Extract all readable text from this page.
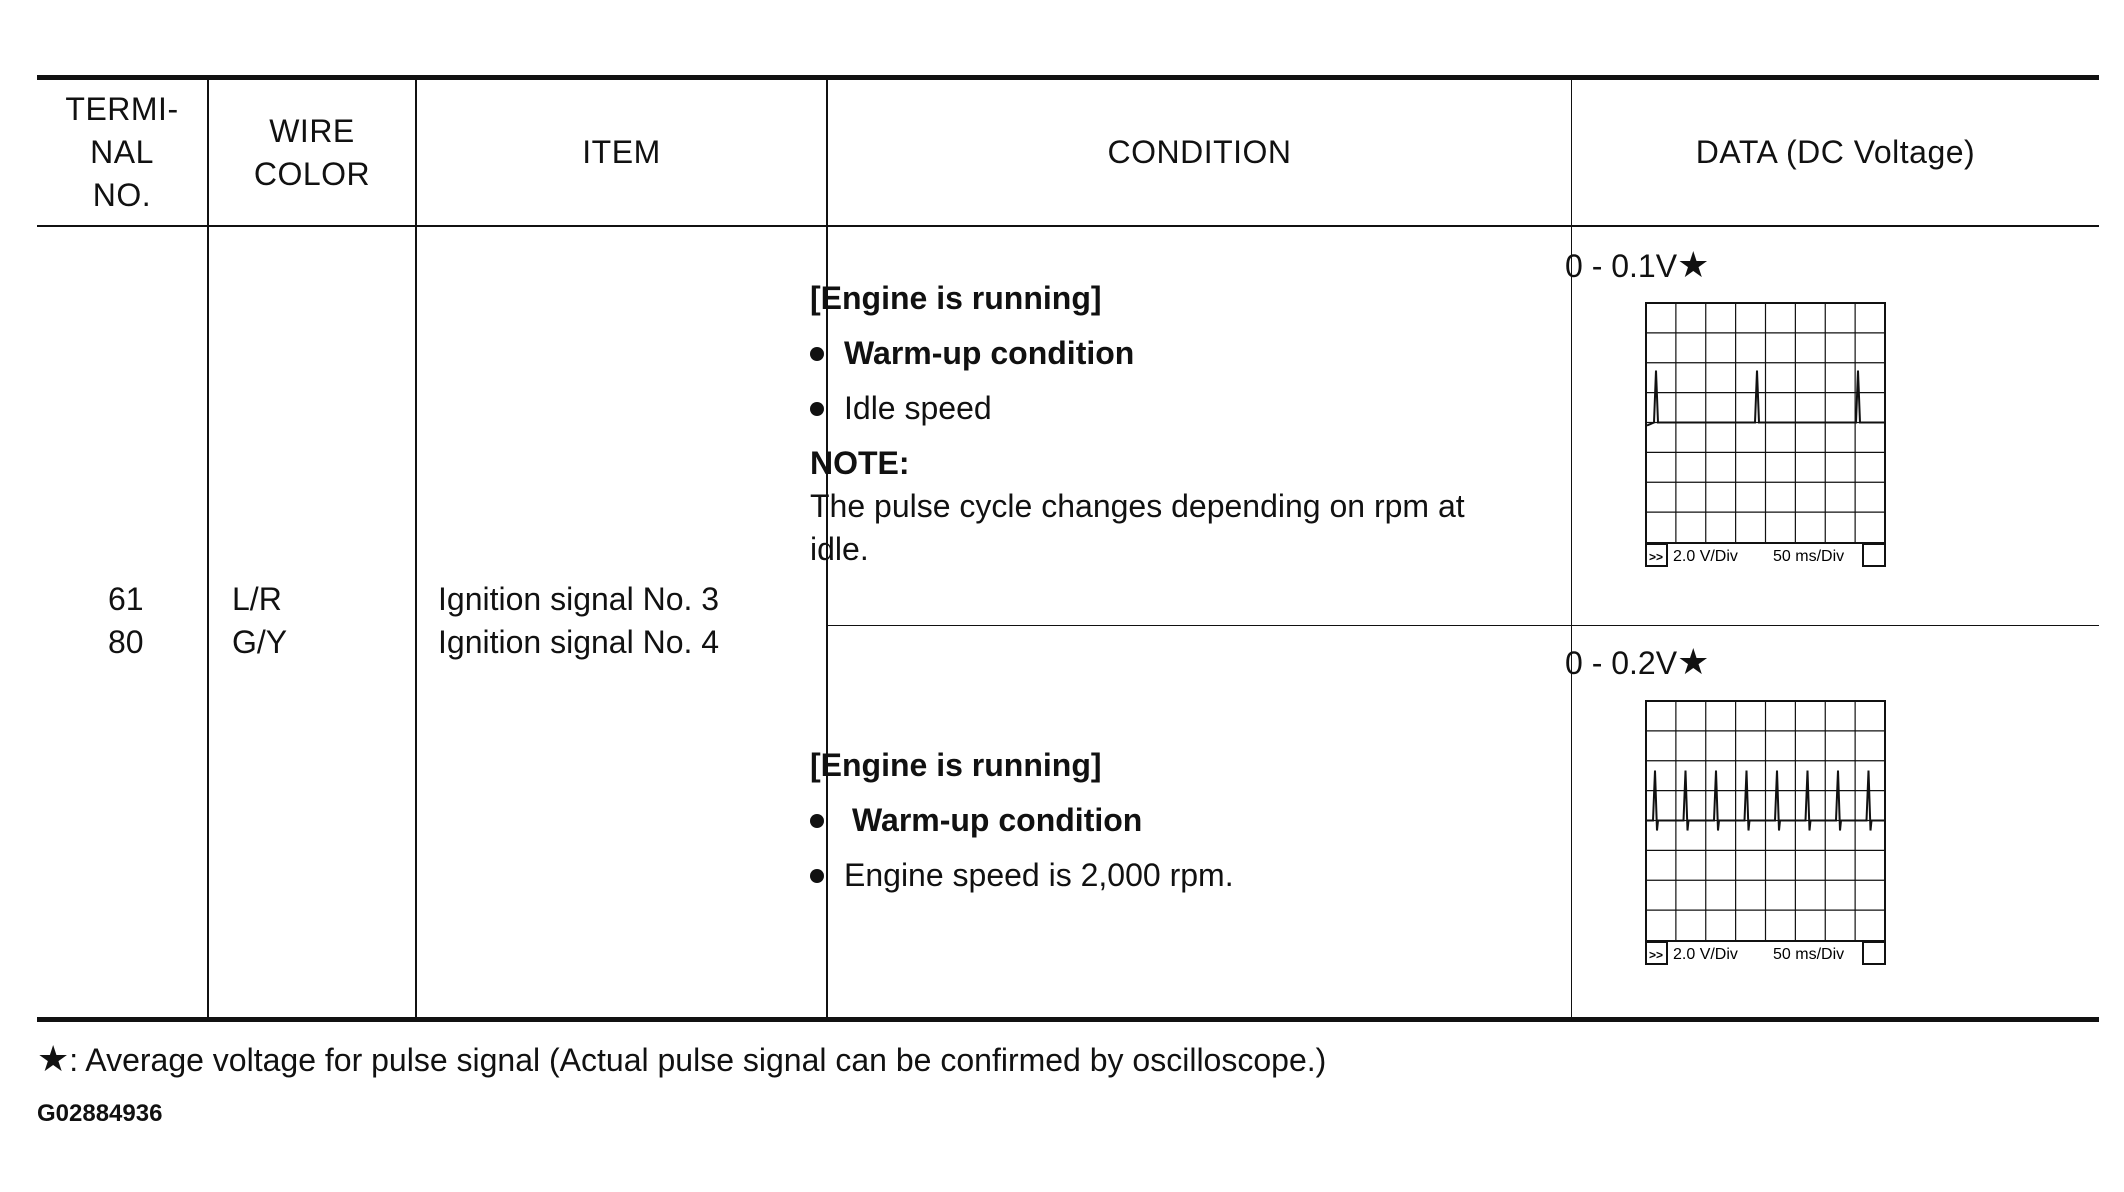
TERMI-
NAL
NO.
WIRE
COLOR
ITEM	CONDITION	DATA (DC Voltage)
61
80
L/R
G/Y
Ignition signal No. 3
Ignition signal No. 4
[Engine is running]
Warm-up condition
Idle speed
NOTE:
The pulse cycle changes depending on rpm at idle.
[Engine is running]
Warm-up condition
Engine speed is 2,000 rpm.
0 - 0.1V★
0 - 0.2V★
>> 2.0 V/Div 50 ms/Div
>> 2.0 V/Div 50 ms/Div
★: Average voltage for pulse signal (Actual pulse signal can be confirmed by oscilloscope.)
G02884936
